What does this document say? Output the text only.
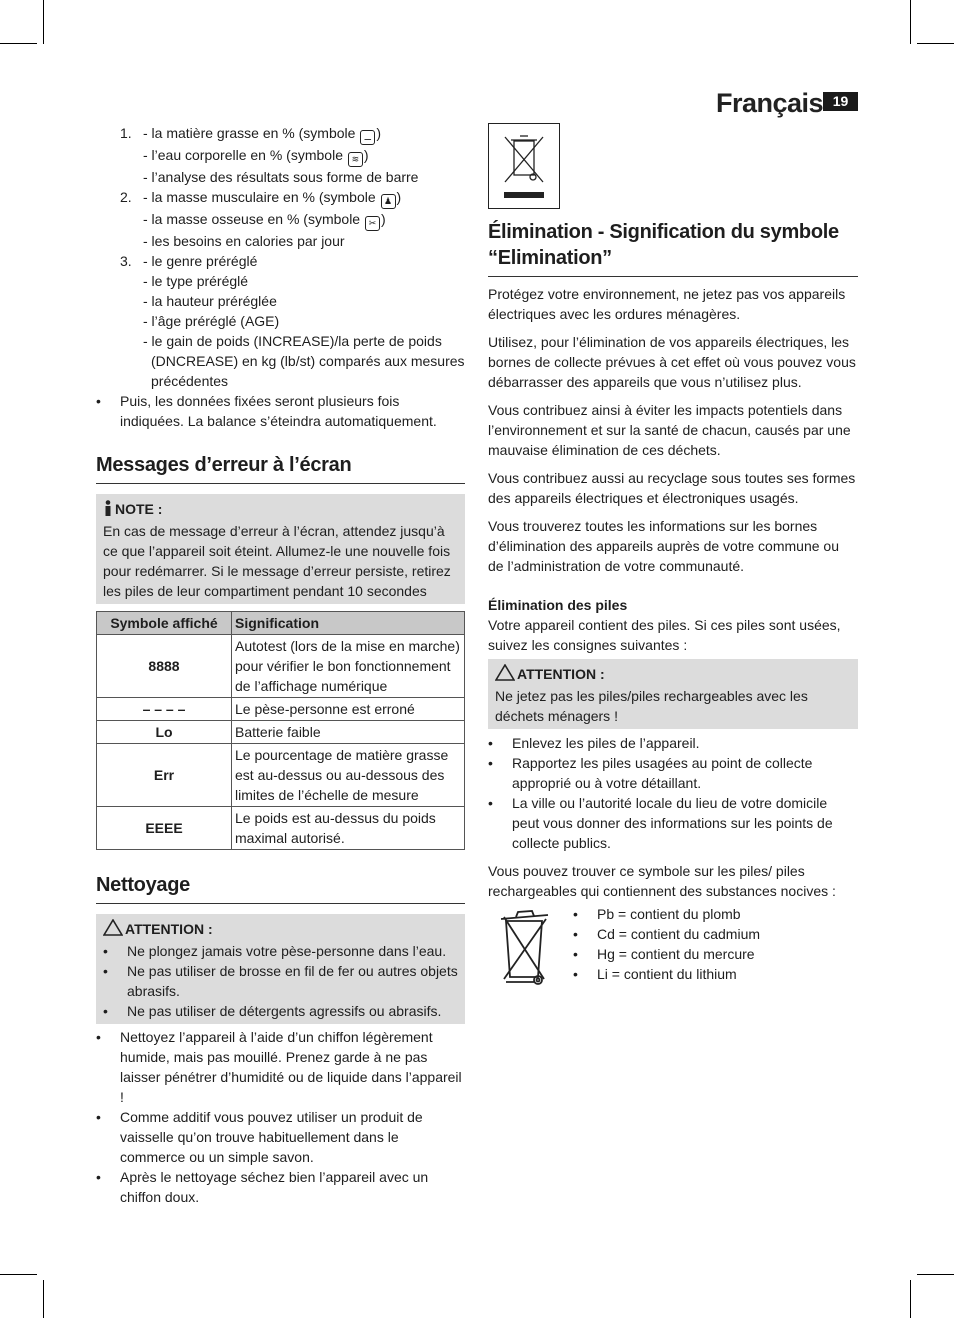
Français 19
1. - la matière grasse en % (symbole ⚊ )
- l’eau corporelle en % (symbole ≋ )
- l’analyse des résultats sous forme de barre
2. - la masse musculaire en % (symbole ♟ )
- la masse osseuse en % (symbole ✂ )
- les besoins en calories par jour
3. - le genre préréglé
- le type préréglé
- la hauteur préréglée
- l’âge préréglé (AGE)
- le gain de poids (INCREASE)/la perte de poids
(DNCREASE) en kg (lb/st) comparés aux mesures
précédentes
• Puis, les données fixées seront plusieurs fois indiquées. La balance s’éteindra automatiquement.
Messages d’erreur à l’écran
NOTE :
En cas de message d’erreur à l’écran, attendez jusqu’à ce que l’appareil soit éteint. Allumez-le une nouvelle fois pour redémarrer. Si le message d’erreur persiste, retirez les piles de leur compartiment pendant 10 secondes
Symbole affiché	Signification
8888	Autotest (lors de la mise en marche) pour vérifier le bon fonctionnement de l’affichage numérique
– – – –	Le pèse-personne est erroné
Lo	Batterie faible
Err	Le pourcentage de matière grasse est au-dessus ou au-dessous des limites de l’échelle de mesure
EEEE	Le poids est au-dessus du poids maximal autorisé.
Nettoyage
ATTENTION :
• Ne plongez jamais votre pèse-personne dans l’eau.
• Ne pas utiliser de brosse en fil de fer ou autres objets abrasifs.
• Ne pas utiliser de détergents agressifs ou abrasifs.
• Nettoyez l’appareil à l’aide d’un chiffon légèrement humide, mais pas mouillé. Prenez garde à ne pas laisser pénétrer d’humidité ou de liquide dans l’appareil !
• Comme additif vous pouvez utiliser un produit de vaisselle qu’on trouve habituellement dans le commerce ou un simple savon.
• Après le nettoyage séchez bien l’appareil avec un chiffon doux.
Élimination - Signification du symbole “Elimination”

Protégez votre environnement, ne jetez pas vos appareils électriques avec les ordures ménagères.

Utilisez, pour l’élimination de vos appareils électriques, les bornes de collecte prévues à cet effet où vous pouvez vous débarrasser des appareils que vous n’utilisez plus.

Vous contribuez ainsi à éviter les impacts potentiels dans l’environnement et sur la santé de chacun, causés par une mauvaise élimination de ces déchets.

Vous contribuez aussi au recyclage sous toutes ses formes des appareils électriques et électroniques usagés.

Vous trouverez toutes les informations sur les bornes d’élimination des appareils auprès de votre commune ou de l’administration de votre communauté.

Élimination des piles
Votre appareil contient des piles. Si ces piles sont usées, suivez les consignes suivantes :
ATTENTION :
Ne jetez pas les piles/piles rechargeables avec les déchets ménagers !
• Enlevez les piles de l’appareil.
• Rapportez les piles usagées au point de collecte approprié ou à votre détaillant.
• La ville ou l’autorité locale du lieu de votre domicile peut vous donner des informations sur les points de collecte publics.
Vous pouvez trouver ce symbole sur les piles/ piles rechargeables qui contiennent des substances nocives :
• Pb = contient du plomb
• Cd = contient du cadmium
• Hg = contient du mercure
• Li = contient du lithium
